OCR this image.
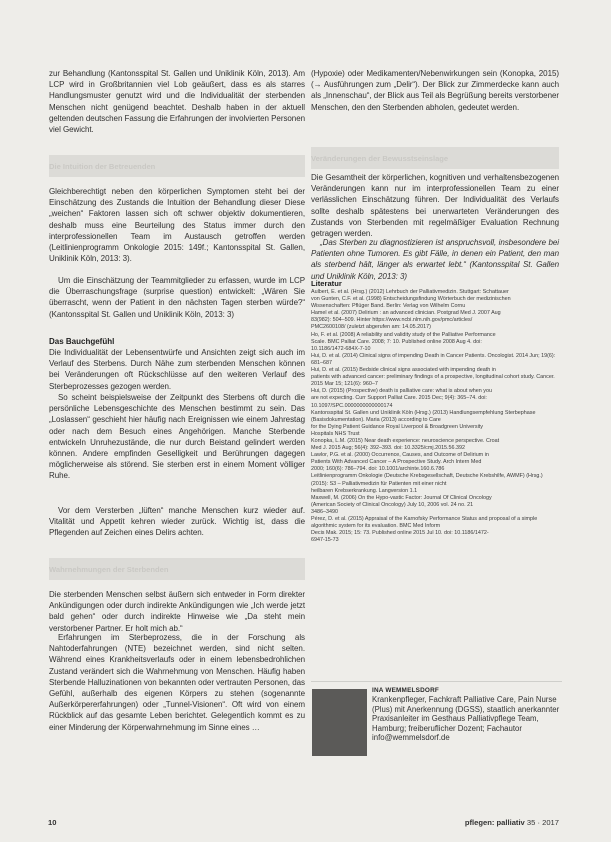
zur Behandlung (Kantonsspital St. Gallen und Uniklinik Köln, 2013). Am LCP wird in Großbritannien viel Lob geäußert, dass es als starres Handlungsmuster genutzt wird und die Individualität der sterbenden Menschen nicht genügend beachtet. Deshalb haben in der aktuell geltenden deutschen Fassung die Erfahrungen der involvierten Personen viel Gewicht.

Die Intuition der Betreuenden

Gleichberechtigt neben den körperlichen Symptomen steht bei der Einschätzung des Zustands die Intuition der Behandlung dieser Diese „weichen“ Faktoren lassen sich oft schwer objektiv dokumentieren, deshalb muss eine Beurteilung des Status immer durch den interprofessionellen Team im Austausch getroffen werden (Leitlinienprogramm Onkologie 2015: 149f.; Kantonsspital St. Gallen, Uniklinik Köln, 2013: 3).

Um die Einschätzung der Teammitglieder zu erfassen, wurde im LCP die Überraschungsfrage (surprise question) entwickelt: „Wären Sie überrascht, wenn der Patient in den nächsten Tagen sterben würde?“ (Kantonsspital St. Gallen und Uniklinik Köln, 2013: 3)

Das Bauchgefühl

Die Individualität der Lebensentwürfe und Ansichten zeigt sich auch im Verlauf des Sterbens. Durch Nähe zum sterbenden Menschen können bei Veränderungen oft Rückschlüsse auf den weiteren Verlauf des Sterbeprozesses gezogen werden.

So scheint beispielsweise der Zeitpunkt des Sterbens oft durch die persönliche Lebensgeschichte des Menschen bestimmt zu sein. Das „Loslassen“ geschieht hier häufig nach Ereignissen wie einem Jahrestag oder nach dem Besuch eines Angehörigen. Manche Sterbende entwickeln Unruhezustände, die nur durch Beistand gelindert werden können. Andere empfinden Geselligkeit und Berührungen dagegen möglicherweise als störend. Sie sterben erst in einem Moment völliger Ruhe.

Vor dem Versterben „lüften“ manche Menschen kurz wieder auf. Vitalität und Appetit kehren wieder zurück. Wichtig ist, dass die Pflegenden auf Zeichen eines Delirs achten.

Wahrnehmungen der Sterbenden

Die sterbenden Menschen selbst äußern sich entweder in Form direkter Ankündigungen oder durch indirekte Ankündigungen wie „Ich werde jetzt bald gehen“ oder durch indirekte Hinweise wie „Da steht mein verstorbener Partner. Er holt mich ab.“

Erfahrungen im Sterbeprozess, die in der Forschung als Nahtoderfahrungen (NTE) bezeichnet werden, sind nicht selten. Während eines Krankheitsverlaufs oder in einem lebensbedrohlichen Zustand verändert sich die Wahrnehmung von Menschen. Häufig haben Sterbende Halluzinationen von bekannten oder vertrauten Personen, das Gefühl, außerhalb des eigenen Körpers zu stehen (sogenannte Außerkörpererfahrungen) oder „Tunnel-Visionen“. Oft wird von einem Rückblick auf das gesamte Leben berichtet. Gelegentlich kommt es zu einer Minderung der Körperwahrnehmung im Sinne eines …

(Hypoxie) oder Medikamenten/Nebenwirkungen sein (Konopka, 2015) (→ Ausführungen zum „Delir“). Der Blick zur Zimmerdecke kann auch als „Innenschau“, der Blick aus Teil als Begrüßung bereits verstorbener Menschen, den den Sterbenden abholen, gedeutet werden.

Veränderungen der Bewusstseinslage

Die Gesamtheit der körperlichen, kognitiven und verhaltensbezogenen Veränderungen kann nur im interprofessionellen Team zu einer verlässlichen Einschätzung führen. Der Individualität des Verlaufs sollte deshalb spätestens bei unerwarteten Veränderungen des Zustands von Sterbenden mit regelmäßiger Evaluation Rechnung getragen werden.

„Das Sterben zu diagnostizieren ist anspruchsvoll, insbesondere bei Patienten ohne Tumoren. Es gibt Fälle, in denen ein Patient, den man als sterbend hält, länger als erwartet lebt.“ (Kantonsspital St. Gallen und Uniklinik Köln, 2013: 3)

Literatur

Aulbert, E. et al. (Hrsg.) (2012) Lehrbuch der Palliativmedizin. Stuttgart: Schattauer
von Gunten, C.F. et al. (1998) Entscheidungsfindung Wörterbuch der medizinischen
Wissenschaften: Pflüger Band. Berlin: Verlag von Wilhelm Cornu
Hamel et al. (2007) Delirium : an advanced clinician. Postgrad Med J. 2007 Aug
83(982): 504–509. Hinter https://www.ncbi.nlm.nih.gov/pmc/articles/
PMC2600108/ (zuletzt abgerufen am: 14.05.2017)
Ho, F. et al. (2008) A reliability and validity study of the Palliative Performance
Scale. BMC Palliat Care. 2008; 7: 10. Published online 2008 Aug 4. doi:
10.1186/1472-684X-7-10
Hui, D. et al. (2014) Clinical signs of impending Death in Cancer Patients. Oncologist. 2014 Jun; 19(6): 681–687
Hui, D. et al. (2015) Bedside clinical signs associated with impending death in
patients with advanced cancer: preliminary findings of a prospective, longitudinal cohort study. Cancer. 2015 Mar 15; 121(6): 960–7
Hui, D. (2015) (Prospective) death is palliative care: what is about when you
are not expecting. Curr Support Palliat Care. 2015 Dec; 9(4): 365–74. doi:
10.1097/SPC.0000000000000174
Kantonsspital St. Gallen und Uniklinik Köln (Hrsg.) (2013) Handlungsempfehlung Sterbephase (Basisdokumentation). Maria (2013) according to Care
for the Dying Patient Guidance Royal Liverpool & Broadgreen University
Hospitals NHS Trust
Konopka, L.M. (2015) Near death experience: neuroscience perspective. Croat
Med J. 2015 Aug; 56(4): 392–393. doi: 10.3325/cmj.2015.56.392
Lawlor, P.G. et al. (2000) Occurrence, Causes, and Outcome of Delirium in
Patients With Advanced Cancer – A Prospective Study. Arch Intern Med
2000; 160(6): 786–794. doi: 10.1001/archinte.160.6.786
Leitlinienprogramm Onkologie (Deutsche Krebsgesellschaft, Deutsche Krebshilfe, AWMF) (Hrsg.) (2015): S3 – Palliativmedizin für Patienten mit einer nicht
heilbaren Krebserkrankung. Langversion 1.1
Maxwell, M. (2006) On the Hypo-vastic Factor: Journal Of Clinical Oncology
(American Society of Clinical Oncology) July 10, 2006 vol. 24 no. 21
3486–3490
Pérez, D. et al. (2015) Appraisal of the Karnofsky Performance Status and proposal of a simple algorithmic system for its evaluation. BMC Med Inform
Decis Mak. 2015; 15: 73. Published online 2015 Jul 10. doi: 10.1186/1472-
6947-15-73

INA WEMMELSDORF

Krankenpfleger, Fachkraft Palliative Care, Pain Nurse (Plus) mit Anerkennung (DGSS), staatlich anerkannter Praxisanleiter im Gesthaus Palliativpflege Team, Hamburg; freiberuflicher Dozent; Fachautor info@wemmelsdorf.de

10	pflegen: palliativ 35 · 2017
